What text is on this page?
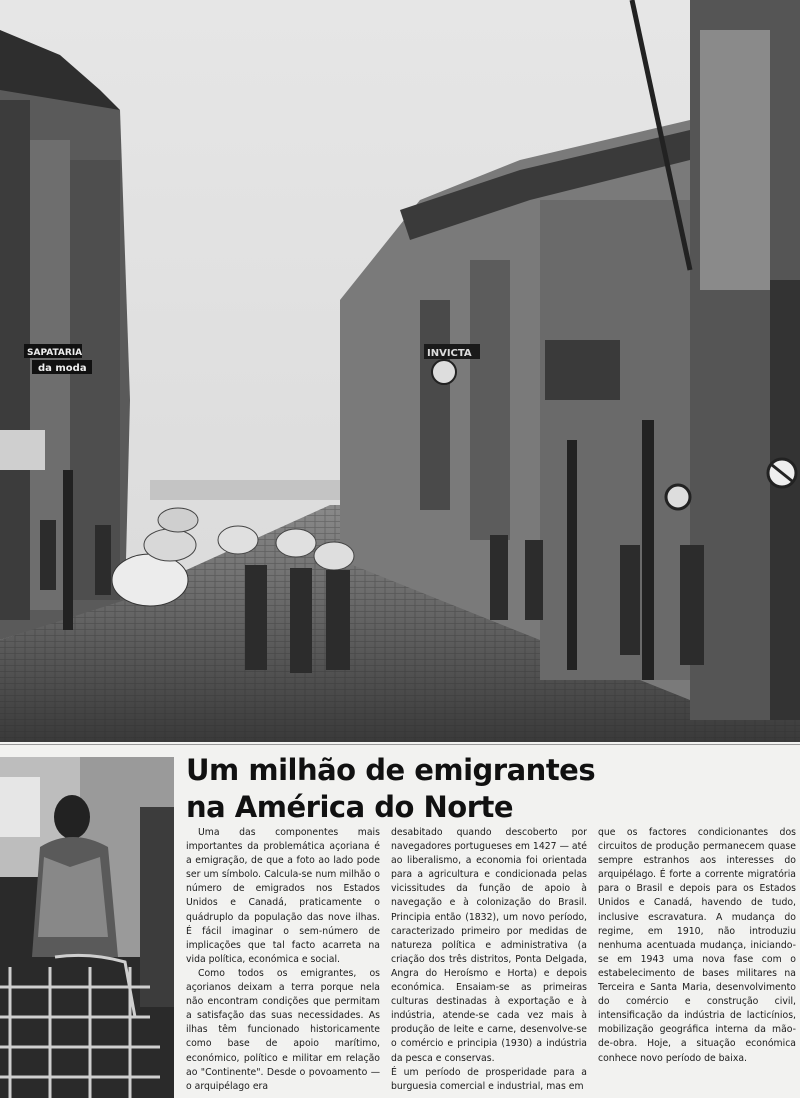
SAPATARIA
da moda
INVICTA
Um milhão de emigrantes
na América do Norte

Uma das componentes mais importantes da problemática açoriana é a emigração, de que a foto ao lado pode ser um símbolo. Calcula-se num milhão o número de emigrados nos Estados Unidos e Canadá, praticamente o quádruplo da população das nove ilhas. É fácil imaginar o sem-número de implicações que tal facto acarreta na vida política, económica e social.

Como todos os emigrantes, os açorianos deixam a terra porque nela não encontram condições que permitam a satisfação das suas necessidades. As ilhas têm funcionado historicamente como base de apoio marítimo, económico, político e militar em relação ao "Continente". Desde o povoamento — o arquipélago era

desabitado quando descoberto por navegadores portugueses em 1427 — até ao liberalismo, a economia foi orientada para a agricultura e condicionada pelas vicissitudes da função de apoio à navegação e à colonização do Brasil. Principia então (1832), um novo período, caracterizado primeiro por medidas de natureza política e administrativa (a criação dos três distritos, Ponta Delgada, Angra do Heroísmo e Horta) e depois económica. Ensaiam-se as primeiras culturas destinadas à exportação e à indústria, atende-se cada vez mais à produção de leite e carne, desenvolve-se o comércio e principia (1930) a indústria da pesca e conservas.

É um período de prosperidade para a burguesia comercial e industrial, mas em

que os factores condicionantes dos circuitos de produção permanecem quase sempre estranhos aos interesses do arquipélago. É forte a corrente migratória para o Brasil e depois para os Estados Unidos e Canadá, havendo de tudo, inclusive escravatura. A mudança do regime, em 1910, não introduziu nenhuma acentuada mudança, iniciando-se em 1943 uma nova fase com o estabelecimento de bases militares na Terceira e Santa Maria, desenvolvimento do comércio e construção civil, intensificação da indústria de lacticínios, mobilização geográfica interna da mão-de-obra. Hoje, a situação económica conhece novo período de baixa.
